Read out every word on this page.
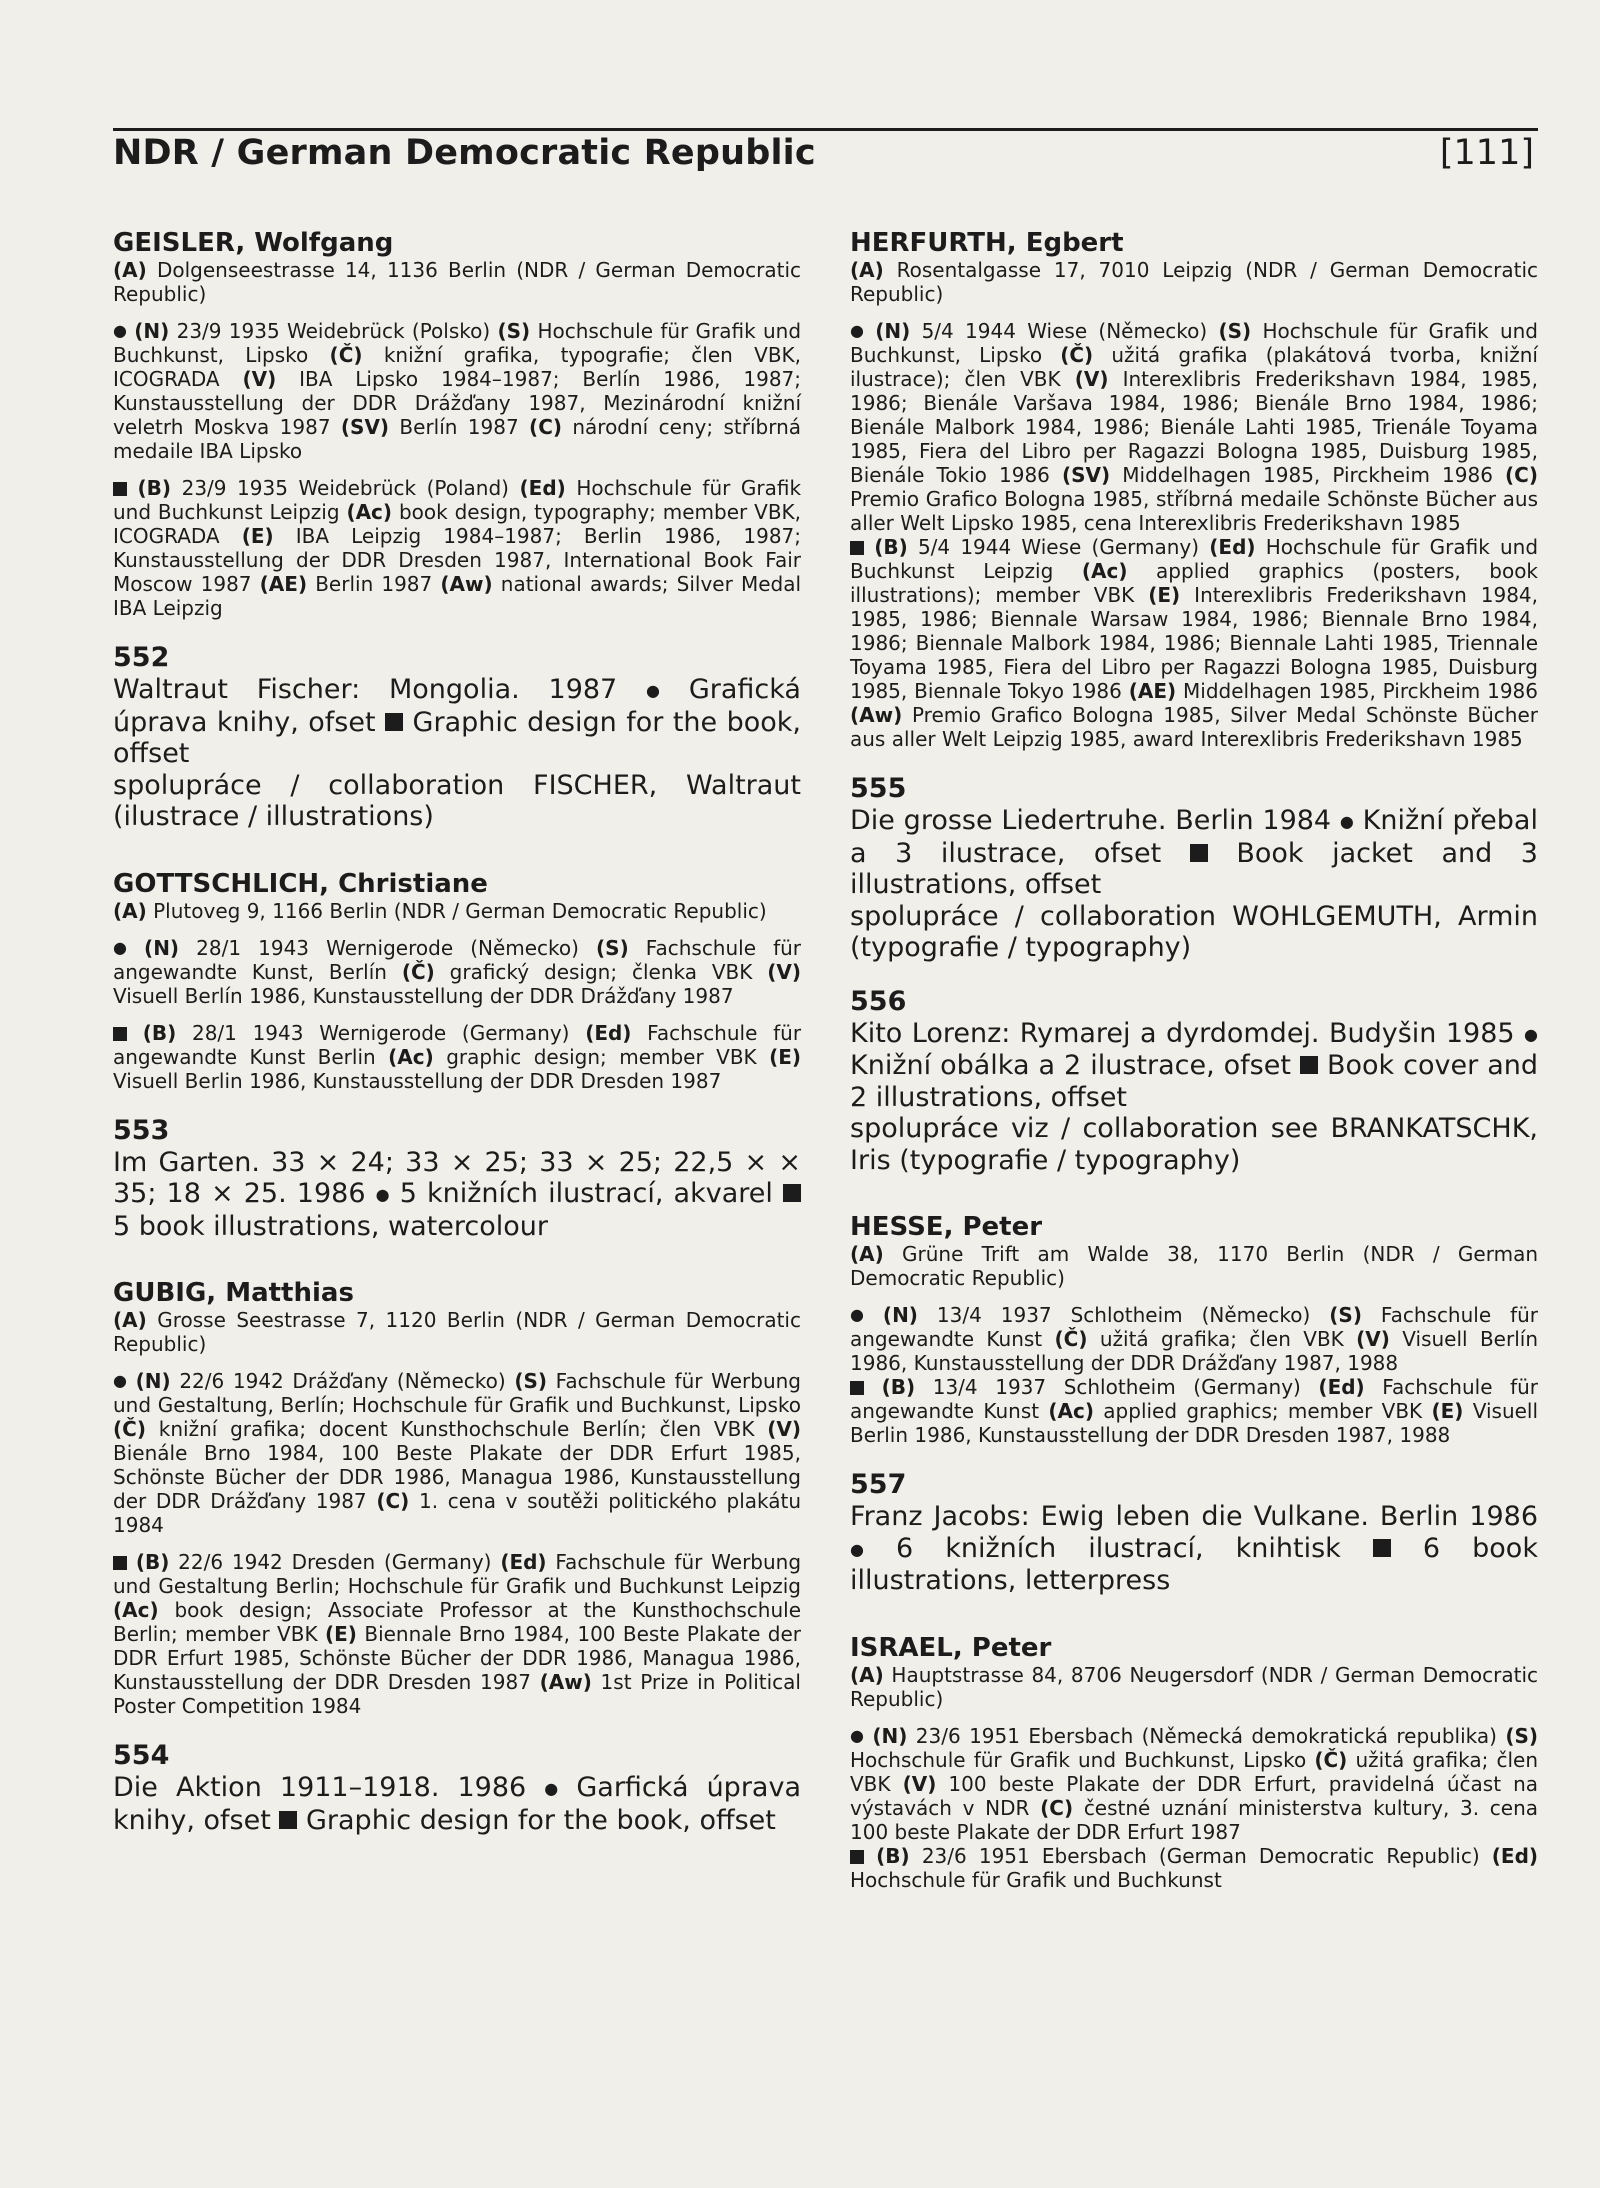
NDR / German Democratic Republic	[111]
GEISLER, Wolfgang

(A) Dolgenseestrasse 14, 1136 Berlin (NDR / German Democratic Republic)

● (N) 23/9 1935 Weidebrück (Polsko) (S) Hochschule für Grafik und Buchkunst, Lipsko (Č) knižní grafika, typografie; člen VBK, ICOGRADA (V) IBA Lipsko 1984–1987; Berlín 1986, 1987; Kunstausstellung der DDR Drážďany 1987, Mezinárodní knižní veletrh Moskva 1987 (SV) Berlín 1987 (C) národní ceny; stříbrná medaile IBA Lipsko

(B) 23/9 1935 Weidebrück (Poland) (Ed) Hochschule für Grafik und Buchkunst Leipzig (Ac) book design, typography; member VBK, ICOGRADA (E) IBA Leipzig 1984–1987; Berlin 1986, 1987; Kunstausstellung der DDR Dresden 1987, International Book Fair Moscow 1987 (AE) Berlin 1987 (Aw) national awards; Silver Medal IBA Leipzig

552

Waltraut Fischer: Mongolia. 1987 ● Grafická úprava knihy, ofset Graphic design for the book, offset

spolupráce / collaboration FISCHER, Waltraut (ilustrace / illustrations)

GOTTSCHLICH, Christiane

(A) Plutoveg 9, 1166 Berlin (NDR / German Democratic Republic)

● (N) 28/1 1943 Wernigerode (Německo) (S) Fachschule für angewandte Kunst, Berlín (Č) grafický design; členka VBK (V) Visuell Berlín 1986, Kunstausstellung der DDR Drážďany 1987

(B) 28/1 1943 Wernigerode (Germany) (Ed) Fachschule für angewandte Kunst Berlin (Ac) graphic design; member VBK (E) Visuell Berlin 1986, Kunstausstellung der DDR Dresden 1987

553

Im Garten. 33 × 24; 33 × 25; 33 × 25; 22,5 × × 35; 18 × 25. 1986 ● 5 knižních ilustrací, akvarel  5 book illustrations, watercolour

GUBIG, Matthias

(A) Grosse Seestrasse 7, 1120 Berlin (NDR / German Democratic Republic)

● (N) 22/6 1942 Drážďany (Německo) (S) Fachschule für Werbung und Gestaltung, Berlín; Hochschule für Grafik und Buchkunst, Lipsko (Č) knižní grafika; docent Kunsthochschule Berlín; člen VBK (V) Bienále Brno 1984, 100 Beste Plakate der DDR Erfurt 1985, Schönste Bücher der DDR 1986, Managua 1986, Kunstausstellung der DDR Drážďany 1987 (C) 1. cena v soutěži politického plakátu 1984

(B) 22/6 1942 Dresden (Germany) (Ed) Fachschule für Werbung und Gestaltung Berlin; Hochschule für Grafik und Buchkunst Leipzig (Ac) book design; Associate Professor at the Kunsthochschule Berlin; member VBK (E) Biennale Brno 1984, 100 Beste Plakate der DDR Erfurt 1985, Schönste Bücher der DDR 1986, Managua 1986, Kunstausstellung der DDR Dresden 1987 (Aw) 1st Prize in Political Poster Competition 1984

554

Die Aktion 1911–1918. 1986 ● Garfická úprava knihy, ofset Graphic design for the book, offset

HERFURTH, Egbert

(A) Rosentalgasse 17, 7010 Leipzig (NDR / German Democratic Republic)

● (N) 5/4 1944 Wiese (Německo) (S) Hochschule für Grafik und Buchkunst, Lipsko (Č) užitá grafika (plakátová tvorba, knižní ilustrace); člen VBK (V) Interexlibris Frederikshavn 1984, 1985, 1986; Bienále Varšava 1984, 1986; Bienále Brno 1984, 1986; Bienále Malbork 1984, 1986; Bienále Lahti 1985, Trienále Toyama 1985, Fiera del Libro per Ragazzi Bologna 1985, Duisburg 1985, Bienále Tokio 1986 (SV) Middelhagen 1985, Pirckheim 1986 (C) Premio Grafico Bologna 1985, stříbrná medaile Schönste Bücher aus aller Welt Lipsko 1985, cena Interexlibris Frederikshavn 1985

(B) 5/4 1944 Wiese (Germany) (Ed) Hochschule für Grafik und Buchkunst Leipzig (Ac) applied graphics (posters, book illustrations); member VBK (E) Interexlibris Frederikshavn 1984, 1985, 1986; Biennale Warsaw 1984, 1986; Biennale Brno 1984, 1986; Biennale Malbork 1984, 1986; Biennale Lahti 1985, Triennale Toyama 1985, Fiera del Libro per Ragazzi Bologna 1985, Duisburg 1985, Biennale Tokyo 1986 (AE) Middelhagen 1985, Pirckheim 1986 (Aw) Premio Grafico Bologna 1985, Silver Medal Schönste Bücher aus aller Welt Leipzig 1985, award Interexlibris Frederikshavn 1985

555

Die grosse Liedertruhe. Berlin 1984 ● Knižní přebal a 3 ilustrace, ofset	Book jacket and 3 illustrations, offset

spolupráce / collaboration WOHLGEMUTH, Armin (typografie / typography)

556

Kito Lorenz: Rymarej a dyrdomdej. Budyšin 1985 ● Knižní obálka a 2 ilustrace, ofset Book cover and 2 illustrations, offset

spolupráce viz / collaboration see BRANKATSCHK, Iris (typografie / typography)

HESSE, Peter

(A) Grüne Trift am Walde 38, 1170 Berlin (NDR / German Democratic Republic)

● (N) 13/4 1937 Schlotheim (Německo) (S) Fachschule für angewandte Kunst (Č) užitá grafika; člen VBK (V) Visuell Berlín 1986, Kunstausstellung der DDR Drážďany 1987, 1988

(B) 13/4 1937 Schlotheim (Germany) (Ed) Fachschule für angewandte Kunst (Ac) applied graphics; member VBK (E) Visuell Berlin 1986, Kunstausstellung der DDR Dresden 1987, 1988

557

Franz Jacobs: Ewig leben die Vulkane. Berlin 1986 ● 6 knižních ilustrací, knihtisk	6 book illustrations, letterpress

ISRAEL, Peter

(A) Hauptstrasse 84, 8706 Neugersdorf (NDR / German Democratic Republic)

● (N) 23/6 1951 Ebersbach (Německá demokratická republika) (S) Hochschule für Grafik und Buchkunst, Lipsko (Č) užitá grafika; člen VBK (V) 100 beste Plakate der DDR Erfurt, pravidelná účast na výstavách v NDR (C) čestné uznání ministerstva kultury, 3. cena 100 beste Plakate der DDR Erfurt 1987

(B) 23/6 1951 Ebersbach (German Democratic Republic) (Ed) Hochschule für Grafik und Buchkunst
